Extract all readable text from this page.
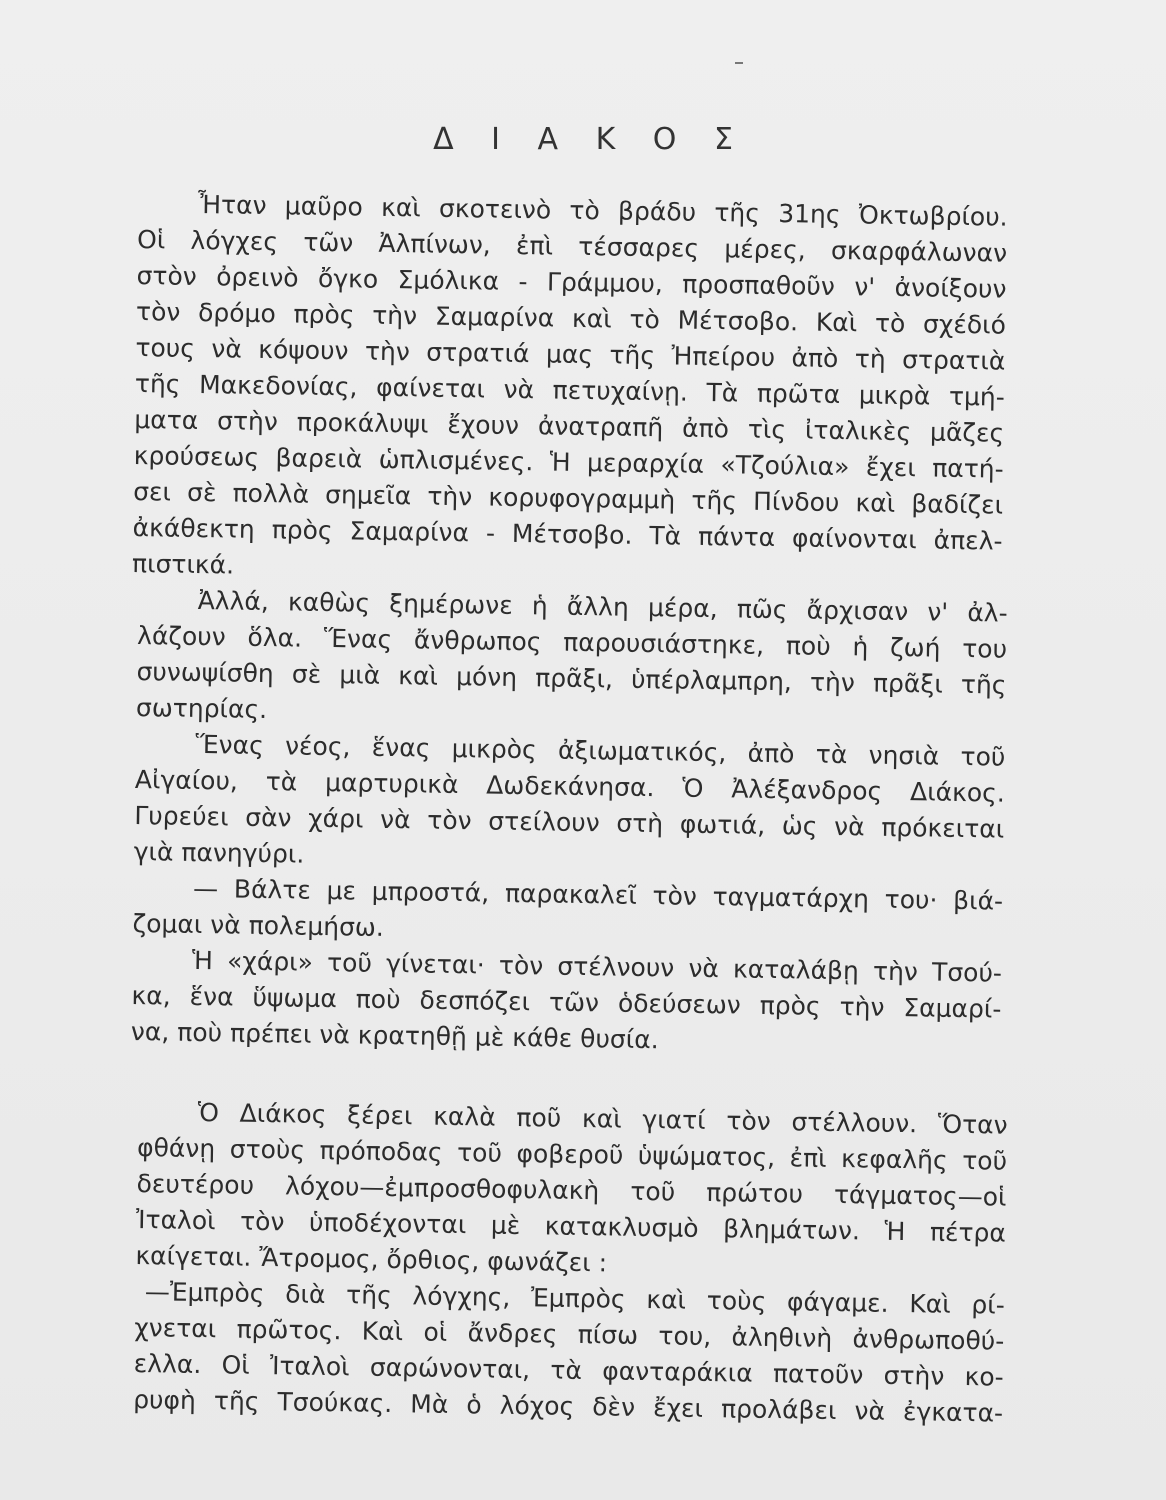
Δ Ι Α Κ Ο Σ
Ἦταν μαῦρο καὶ σκοτεινὸ τὸ βράδυ τῆς 31ης Ὀκτωβρίου.
Οἱ λόγχες τῶν Ἀλπίνων, ἐπὶ τέσσαρες μέρες, σκαρφάλωναν
στὸν ὀρεινὸ ὄγκο Σμόλικα - Γράμμου, προσπαθοῦν ν' ἀνοίξουν
τὸν δρόμο πρὸς τὴν Σαμαρίνα καὶ τὸ Μέτσοβο. Καὶ τὸ σχέδιό
τους νὰ κόψουν τὴν στρατιά μας τῆς Ἠπείρου ἀπὸ τὴ στρατιὰ
τῆς Μακεδονίας, φαίνεται νὰ πετυχαίνῃ. Τὰ πρῶτα μικρὰ τμή-
ματα στὴν προκάλυψι ἔχουν ἀνατραπῆ ἀπὸ τὶς ἰταλικὲς μᾶζες
κρούσεως βαρειὰ ὡπλισμένες. Ἡ μεραρχία «Τζούλια» ἔχει πατή-
σει σὲ πολλὰ σημεῖα τὴν κορυφογραμμὴ τῆς Πίνδου καὶ βαδίζει
ἀκάθεκτη πρὸς Σαμαρίνα - Μέτσοβο. Τὰ πάντα φαίνονται ἀπελ-
πιστικά.
Ἀλλά, καθὼς ξημέρωνε ἡ ἄλλη μέρα, πῶς ἄρχισαν ν' ἀλ-
λάζουν ὅλα. Ἕνας ἄνθρωπος παρουσιάστηκε, ποὺ ἡ ζωή του
συνωψίσθη σὲ μιὰ καὶ μόνη πρᾶξι, ὑπέρλαμπρη, τὴν πρᾶξι τῆς
σωτηρίας.
Ἕνας νέος, ἕνας μικρὸς ἀξιωματικός, ἀπὸ τὰ νησιὰ τοῦ
Αἰγαίου, τὰ μαρτυρικὰ Δωδεκάνησα. Ὁ Ἀλέξανδρος Διάκος.
Γυρεύει σὰν χάρι νὰ τὸν στείλουν στὴ φωτιά, ὡς νὰ πρόκειται
γιὰ πανηγύρι.
— Βάλτε με μπροστά, παρακαλεῖ τὸν ταγματάρχη του· βιά-
ζομαι νὰ πολεμήσω.
Ἡ «χάρι» τοῦ γίνεται· τὸν στέλνουν νὰ καταλάβῃ τὴν Τσού-
κα, ἕνα ὕψωμα ποὺ δεσπόζει τῶν ὁδεύσεων πρὸς τὴν Σαμαρί-
να, ποὺ πρέπει νὰ κρατηθῇ μὲ κάθε θυσία.
Ὁ Διάκος ξέρει καλὰ ποῦ καὶ γιατί τὸν στέλλουν. Ὅταν
φθάνῃ στοὺς πρόποδας τοῦ φοβεροῦ ὑψώματος, ἐπὶ κεφαλῆς τοῦ
δευτέρου λόχου—ἐμπροσθοφυλακὴ τοῦ πρώτου τάγματος—οἱ
Ἰταλοὶ τὸν ὑποδέχονται μὲ κατακλυσμὸ βλημάτων. Ἡ πέτρα
καίγεται. Ἄτρομος, ὄρθιος, φωνάζει :
—Ἐμπρὸς διὰ τῆς λόγχης, Ἐμπρὸς καὶ τοὺς φάγαμε. Καὶ ρί-
χνεται πρῶτος. Καὶ οἱ ἄνδρες πίσω του, ἀληθινὴ ἀνθρωποθύ-
ελλα. Οἱ Ἰταλοὶ σαρώνονται, τὰ φανταράκια πατοῦν στὴν κο-
ρυφὴ τῆς Τσούκας. Μὰ ὁ λόχος δὲν ἔχει προλάβει νὰ ἐγκατα-
